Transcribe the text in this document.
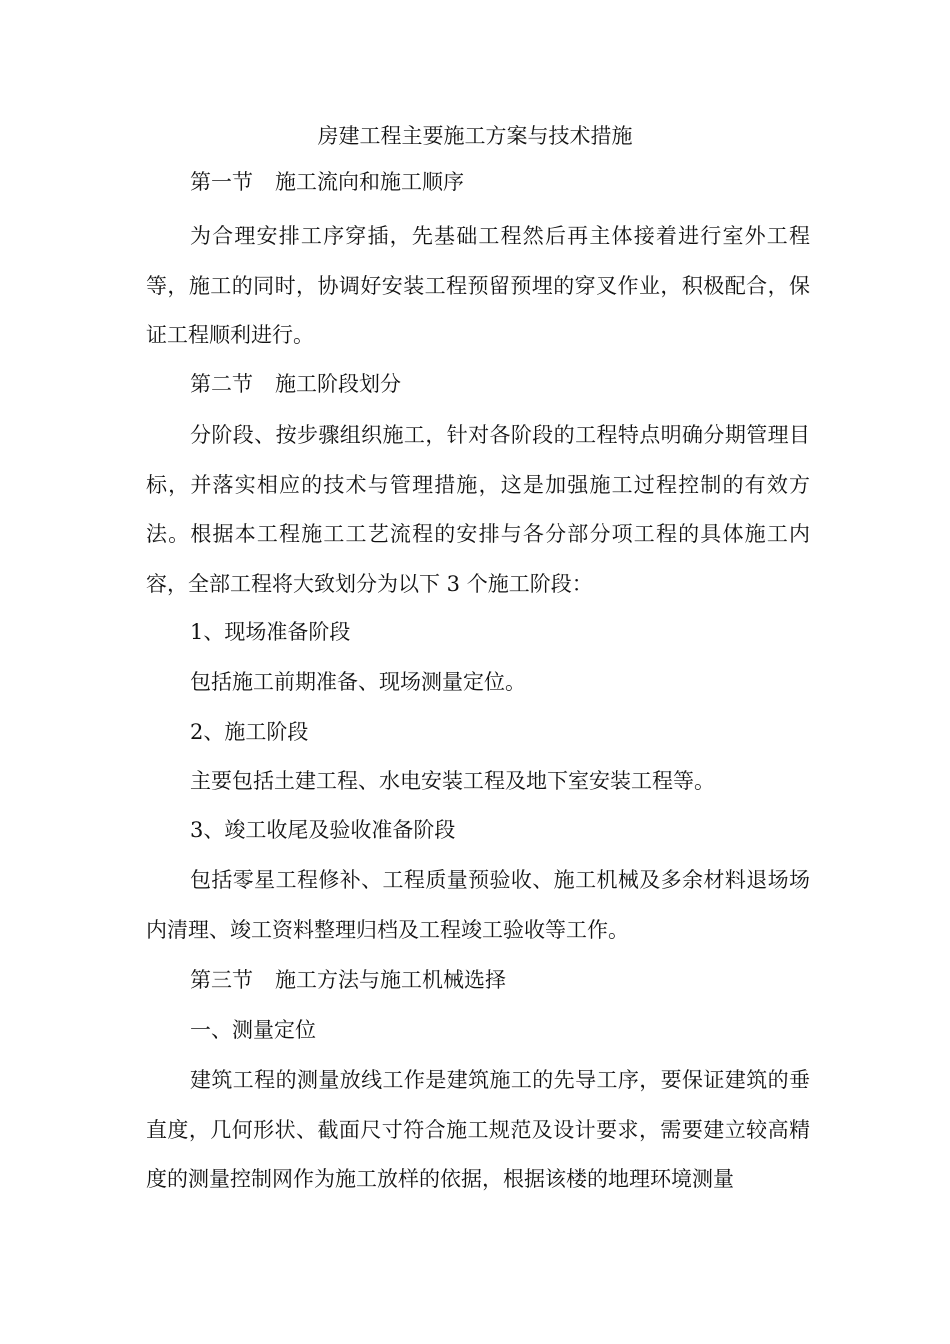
房建工程主要施工方案与技术措施

第一节 施工流向和施工顺序

为合理安排工序穿插，先基础工程然后再主体接着进行室外工程等，施工的同时，协调好安装工程预留预埋的穿叉作业，积极配合，保证工程顺利进行。

第二节 施工阶段划分

分阶段、按步骤组织施工，针对各阶段的工程特点明确分期管理目标，并落实相应的技术与管理措施，这是加强施工过程控制的有效方法。根据本工程施工工艺流程的安排与各分部分项工程的具体施工内容，全部工程将大致划分为以下 3 个施工阶段：

1、现场准备阶段

包括施工前期准备、现场测量定位。

2、施工阶段

主要包括土建工程、水电安装工程及地下室安装工程等。

3、竣工收尾及验收准备阶段

包括零星工程修补、工程质量预验收、施工机械及多余材料退场场内清理、竣工资料整理归档及工程竣工验收等工作。

第三节 施工方法与施工机械选择

一、测量定位

建筑工程的测量放线工作是建筑施工的先导工序，要保证建筑的垂直度，几何形状、截面尺寸符合施工规范及设计要求，需要建立较高精度的测量控制网作为施工放样的依据，根据该楼的地理环境测量
